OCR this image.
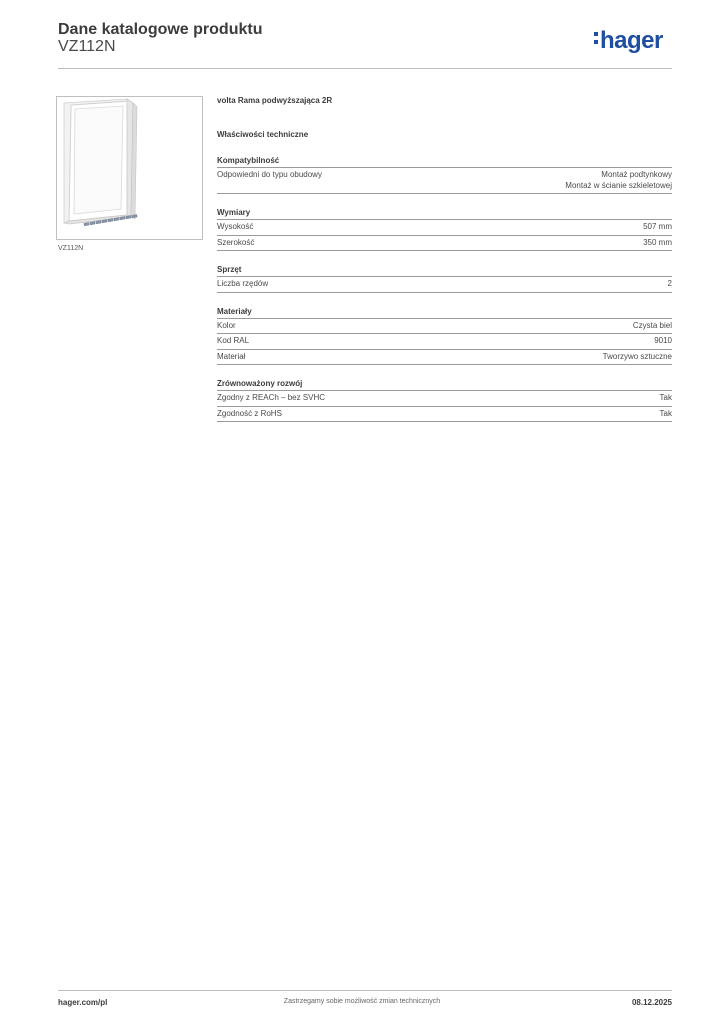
Dane katalogowe produktu
VZ112N	hager
VZ112N
volta Rama podwyższająca 2R
Właściwości techniczne
Kompatybilność
Odpowiedni do typu obudowy	Montaż podtynkowy
Montaż w ścianie szkieletowej
Wymiary
Wysokość	507 mm
Szerokość	350 mm
Sprzęt
Liczba rzędów	2
Materiały
Kolor	Czysta biel
Kod RAL	9010
Materiał	Tworzywo sztuczne
Zrównoważony rozwój
Zgodny z REACh – bez SVHC	Tak
Zgodność z RoHS	Tak
hager.com/pl	Zastrzegamy sobie możliwość zmian technicznych	08.12.2025
